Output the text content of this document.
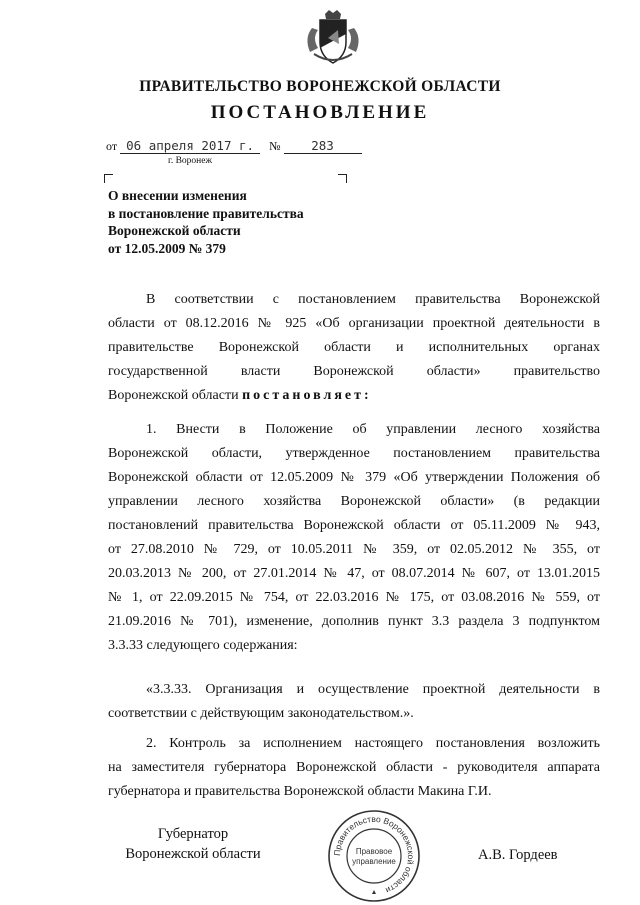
ПРАВИТЕЛЬСТВО ВОРОНЕЖСКОЙ ОБЛАСТИ
ПОСТАНОВЛЕНИЕ
от 06 апреля 2017 г. № 283
г. Воронеж
О внесении изменения
в постановление правительства
Воронежской области
от 12.05.2009 № 379
В соответствии с постановлением правительства Воронежской
области от 08.12.2016 № 925 «Об организации проектной деятельности в
правительстве Воронежской области и исполнительных органах
государственной власти Воронежской области» правительство
Воронежской области постановляет:
1. Внести в Положение об управлении лесного хозяйства
Воронежской области, утвержденное постановлением правительства
Воронежской области от 12.05.2009 № 379 «Об утверждении Положения об
управлении лесного хозяйства Воронежской области» (в редакции
постановлений правительства Воронежской области от 05.11.2009 № 943,
от 27.08.2010 № 729, от 10.05.2011 № 359, от 02.05.2012 № 355, от
20.03.2013 № 200, от 27.01.2014 № 47, от 08.07.2014 № 607, от 13.01.2015
№ 1, от 22.09.2015 № 754, от 22.03.2016 № 175, от 03.08.2016 № 559, от
21.09.2016 № 701), изменение, дополнив пункт 3.3 раздела 3 подпунктом
3.3.33 следующего содержания:
«3.3.33. Организация и осуществление проектной деятельности в
соответствии с действующим законодательством.».
2. Контроль за исполнением настоящего постановления возложить
на заместителя губернатора Воронежской области - руководителя аппарата
губернатора и правительства Воронежской области Макина Г.И.
Губернатор
Воронежской области	Правительство Воронежской области
Правовое
управление	А.В. Гордеев
